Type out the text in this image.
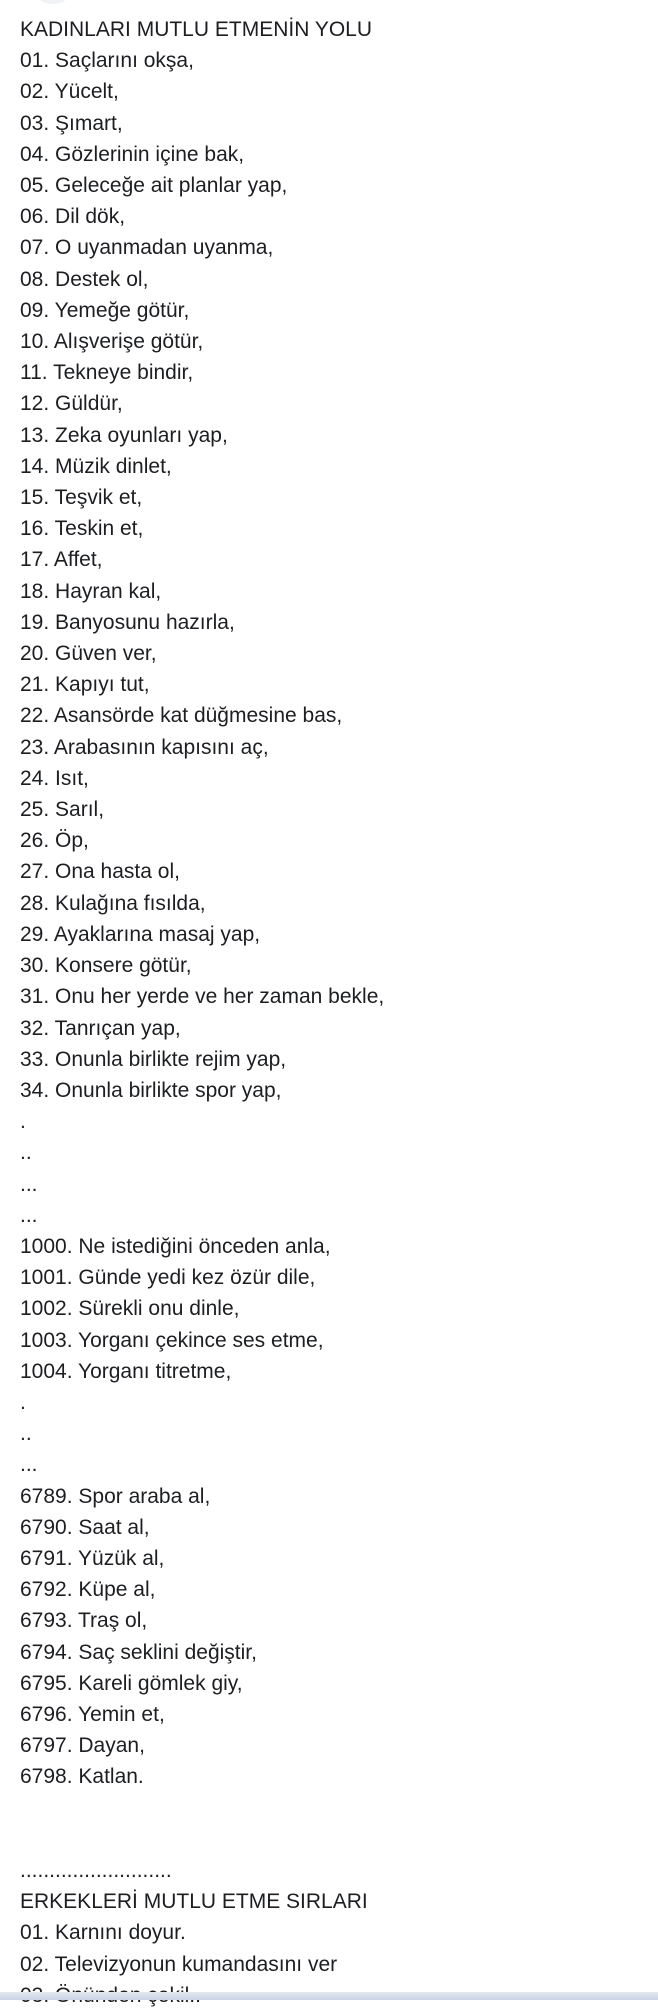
KADINLARI MUTLU ETMENİN YOLU
01. Saçlarını okşa,
02. Yücelt,
03. Şımart,
04. Gözlerinin içine bak,
05. Geleceğe ait planlar yap,
06. Dil dök,
07. O uyanmadan uyanma,
08. Destek ol,
09. Yemeğe götür,
10. Alışverişe götür,
11. Tekneye bindir,
12. Güldür,
13. Zeka oyunları yap,
14. Müzik dinlet,
15. Teşvik et,
16. Teskin et,
17. Affet,
18. Hayran kal,
19. Banyosunu hazırla,
20. Güven ver,
21. Kapıyı tut,
22. Asansörde kat düğmesine bas,
23. Arabasının kapısını aç,
24. Isıt,
25. Sarıl,
26. Öp,
27. Ona hasta ol,
28. Kulağına fısılda,
29. Ayaklarına masaj yap,
30. Konsere götür,
31. Onu her yerde ve her zaman bekle,
32. Tanrıçan yap,
33. Onunla birlikte rejim yap,
34. Onunla birlikte spor yap,
.
..
...
...
1000. Ne istediğini önceden anla,
1001. Günde yedi kez özür dile,
1002. Sürekli onu dinle,
1003. Yorganı çekince ses etme,
1004. Yorganı titretme,
.
..
...
6789. Spor araba al,
6790. Saat al,
6791. Yüzük al,
6792. Küpe al,
6793. Traş ol,
6794. Saç seklini değiştir,
6795. Kareli gömlek giy,
6796. Yemin et,
6797. Dayan,
6798. Katlan.
..........................
ERKEKLERİ MUTLU ETME SIRLARI
01. Karnını doyur.
02. Televizyonun kumandasını ver
